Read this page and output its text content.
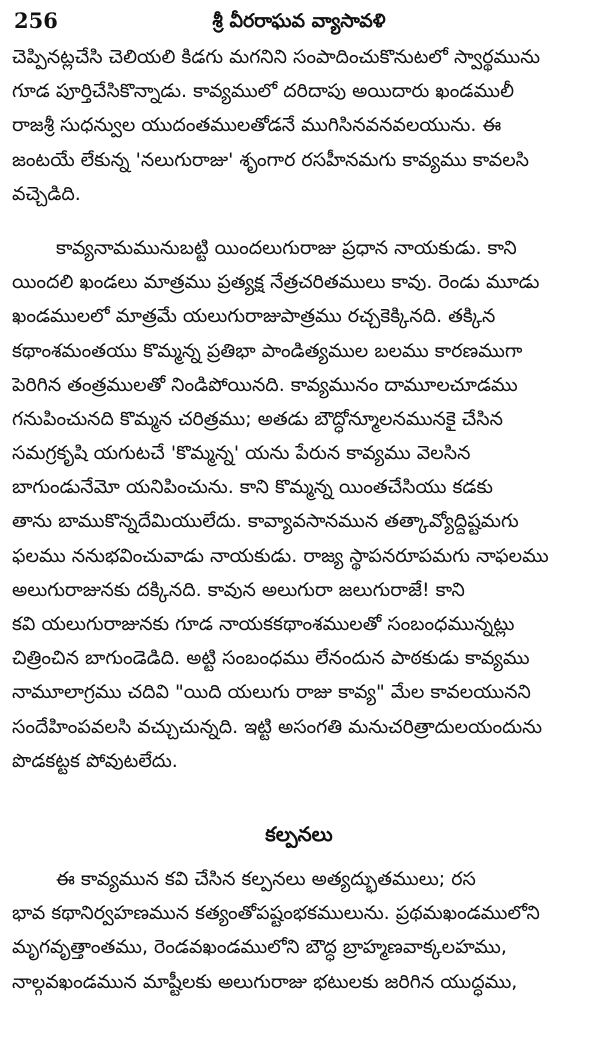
256	శ్రీ వీరరాఘవ వ్యాసావళి
చెప్పినట్లచేసి చెలియలి కిడగు మగనిని సంపాదించుకొనుటలో స్వార్థమును
గూడ పూర్తిచేసికొన్నాడు. కావ్యములో దరిదాపు అయిదారు ఖండములీ
రాజశ్రీ సుధన్వుల యుదంతములతోడనే ముగిసినవనవలయును. ఈ
జంటయే లేకున్న 'నలుగురాజు' శృంగార రసహీనమగు కావ్యము కావలసి
వచ్చెడిది.
కావ్యనామమునుబట్టి యిందలుగురాజు ప్రధాన నాయకుడు. కాని
యిందలి ఖండలు మాత్రము ప్రత్యక్ష నేత్రచరితములు కావు. రెండు మూడు
ఖండములలో మాత్రమే యలుగురాజుపాత్రము రచ్చకెక్కినది. తక్కిన
కథాంశమంతయు కొమ్మన్న ప్రతిభా పాండిత్యముల బలము కారణముగా
పెరిగిన తంత్రములతో నిండిపోయినది. కావ్యమునం దామూలచూడము
గనుపించునది కొమ్మన చరిత్రము; అతడు బౌద్ధోన్మూలనమునకై చేసిన
సమగ్రకృషి యగుటచే 'కొమ్మన్న' యను పేరున కావ్యము వెలసిన
బాగుండునేమో యనిపించును. కాని కొమ్మన్న యింతచేసియు కడకు
తాను బాముకొన్నదేమియులేదు. కావ్యావసానమున తత్కావ్యోద్దిష్టమగు
ఫలము ననుభవించువాడు నాయకుడు. రాజ్య స్థాపనరూపమగు నాఫలము
అలుగురాజునకు దక్కినది. కావున అలుగురా జలుగురాజే! కాని
కవి యలుగురాజునకు గూడ నాయకకథాంశములతో సంబంధమున్నట్లు
చిత్రించిన బాగుండెడిది. అట్టి సంబంధము లేనందున పాఠకుడు కావ్యము
నామూలాగ్రము చదివి "యిది యలుగు రాజు కావ్య" మేల కావలయునని
సందేహింపవలసి వచ్చుచున్నది. ఇట్టి అసంగతి మనుచరిత్రాదులయందును
పొడకట్టక పోవుటలేదు.
కల్పనలు
ఈ కావ్యమున కవి చేసిన కల్పనలు అత్యద్భుతములు; రస
భావ కథానిర్వహణమున కత్యంతోపష్టంభకములును. ప్రథమఖండములోని
మృగవృత్తాంతము, రెండవఖండములోని బౌద్ధ బ్రాహ్మణవాక్కలహము,
నాల్గవఖండమున మాష్టీలకు అలుగురాజు భటులకు జరిగిన యుద్ధము,
